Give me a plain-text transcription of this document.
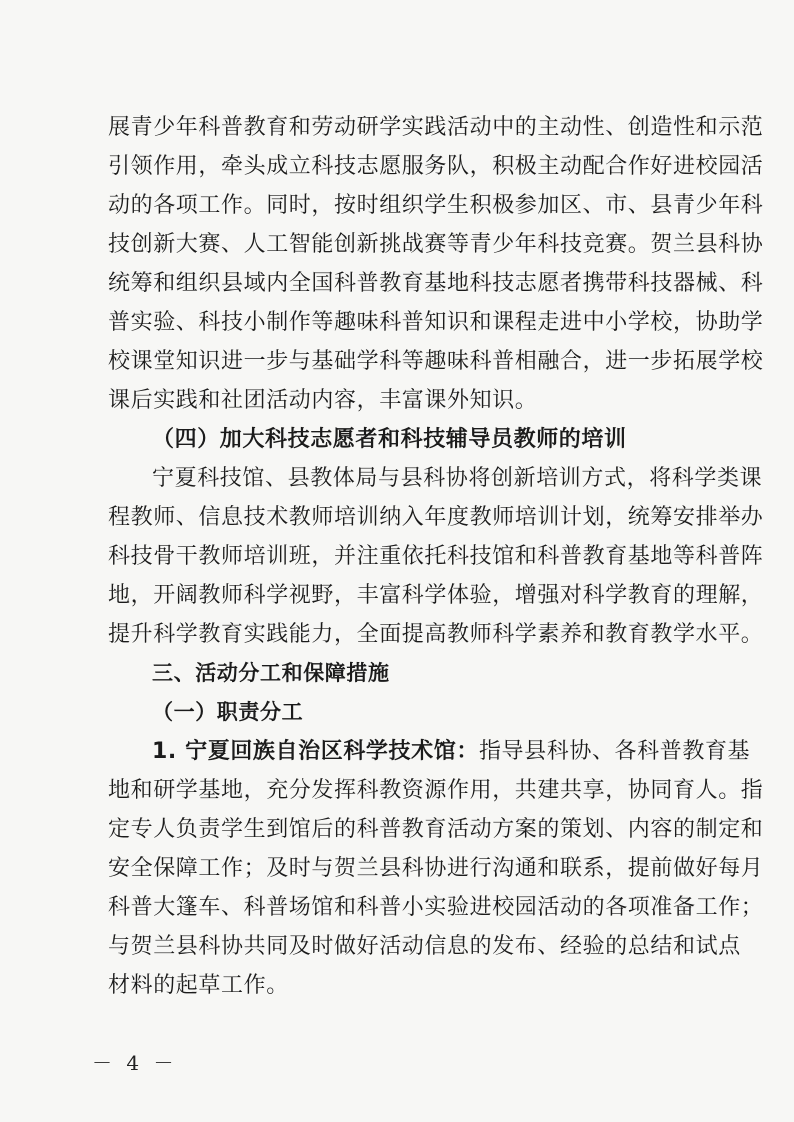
展青少年科普教育和劳动研学实践活动中的主动性、创造性和示范
引领作用，牵头成立科技志愿服务队，积极主动配合作好进校园活
动的各项工作。同时，按时组织学生积极参加区、市、县青少年科
技创新大赛、人工智能创新挑战赛等青少年科技竞赛。贺兰县科协
统筹和组织县域内全国科普教育基地科技志愿者携带科技器械、科
普实验、科技小制作等趣味科普知识和课程走进中小学校，协助学
校课堂知识进一步与基础学科等趣味科普相融合，进一步拓展学校
课后实践和社团活动内容，丰富课外知识。
（四）加大科技志愿者和科技辅导员教师的培训
宁夏科技馆、县教体局与县科协将创新培训方式，将科学类课
程教师、信息技术教师培训纳入年度教师培训计划，统筹安排举办
科技骨干教师培训班，并注重依托科技馆和科普教育基地等科普阵
地，开阔教师科学视野，丰富科学体验，增强对科学教育的理解，
提升科学教育实践能力，全面提高教师科学素养和教育教学水平。
三、活动分工和保障措施
（一）职责分工
1. 宁夏回族自治区科学技术馆：指导县科协、各科普教育基
地和研学基地，充分发挥科教资源作用，共建共享，协同育人。指
定专人负责学生到馆后的科普教育活动方案的策划、内容的制定和
安全保障工作；及时与贺兰县科协进行沟通和联系，提前做好每月
科普大篷车、科普场馆和科普小实验进校园活动的各项准备工作；
与贺兰县科协共同及时做好活动信息的发布、经验的总结和试点
材料的起草工作。
－ 4 －
